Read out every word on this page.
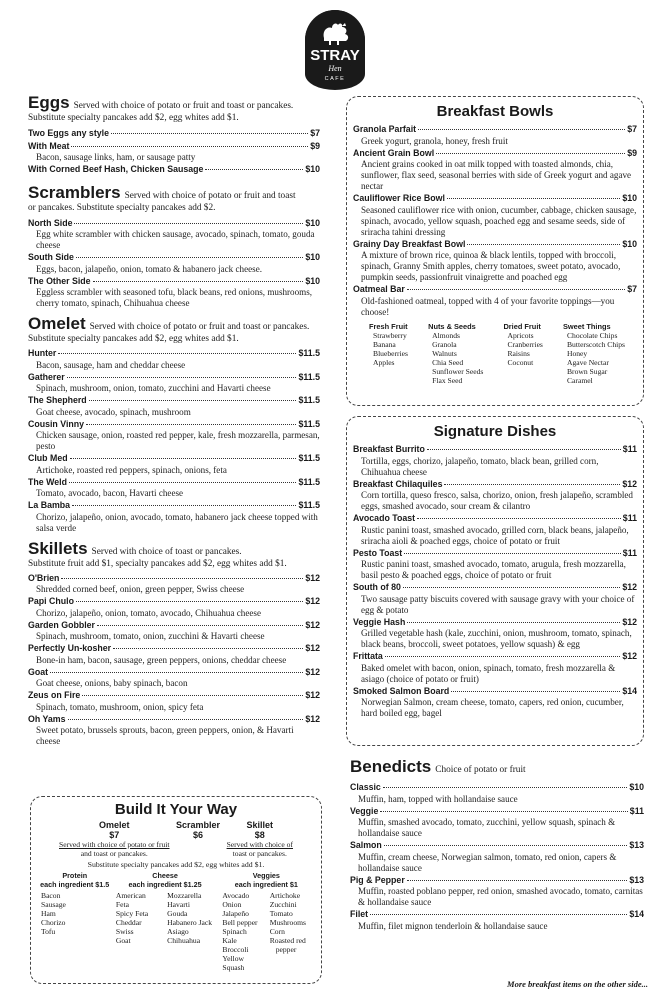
STRAY
Hen
CAFE
Eggs Served with choice of potato or fruit and toast or pancakes.
Substitute specialty pancakes add $2, egg whites add $1.
Two Eggs any style	$7
With Meat	$9
Bacon, sausage links, ham, or sausage patty
With Corned Beef Hash, Chicken Sausage	$10
Scramblers Served with choice of potato or fruit and toast
or pancakes. Substitute specialty pancakes add $2.
North Side	$10
Egg white scrambler with chicken sausage, avocado, spinach, tomato, gouda cheese
South Side	$10
Eggs, bacon, jalapeño, onion, tomato & habanero jack cheese.
The Other Side	$10
Eggless scrambler with seasoned tofu, black beans, red onions, mushrooms, cherry tomato, spinach, Chihuahua cheese
Omelet Served with choice of potato or fruit and toast or pancakes.
Substitute specialty pancakes add $2, egg whites add $1.
Hunter	$11.5
Bacon, sausage, ham and cheddar cheese
Gatherer	$11.5
Spinach, mushroom, onion, tomato, zucchini and Havarti cheese
The Shepherd	$11.5
Goat cheese, avocado, spinach, mushroom
Cousin Vinny	$11.5
Chicken sausage, onion, roasted red pepper, kale, fresh mozzarella, parmesan, pesto
Club Med	$11.5
Artichoke, roasted red peppers, spinach, onions, feta
The Weld	$11.5
Tomato, avocado, bacon, Havarti cheese
La Bamba	$11.5
Chorizo, jalapeño, onion, avocado, tomato, habanero jack cheese topped with salsa verde
Skillets Served with choice of toast or pancakes.
Substitute fruit add $1, specialty pancakes add $2, egg whites add $1.
O'Brien	$12
Shredded corned beef, onion, green pepper, Swiss cheese
Papi Chulo	$12
Chorizo, jalapeño, onion, tomato, avocado, Chihuahua cheese
Garden Gobbler	$12
Spinach, mushroom, tomato, onion, zucchini & Havarti cheese
Perfectly Un-kosher	$12
Bone-in ham, bacon, sausage, green peppers, onions, cheddar cheese
Goat	$12
Goat cheese, onions, baby spinach, bacon
Zeus on Fire	$12
Spinach, tomato, mushroom, onion, spicy feta
Oh Yams	$12
Sweet potato, brussels sprouts, bacon, green peppers, onion, & Havarti cheese
Build It Your Way
Omelet
$7
Served with choice of potato or fruit
and toast or pancakes.
Scrambler
$6
Skillet
$8
Served with choice of
toast or pancakes.
Substitute specialty pancakes add $2, egg whites add $1.
Protein
each ingredient $1.5
Cheese
each ingredient $1.25
Veggies
each ingredient $1
Bacon
Sausage
Ham
Chorizo
Tofu
American
Feta
Spicy Feta
Cheddar
Swiss
Goat
Mozzarella
Havarti
Gouda
Habanero Jack
Asiago
Chihuahua
Avocado
Onion
Jalapeño
Bell pepper
Spinach
Kale
Broccoli
Yellow Squash
Artichoke
Zucchini
Tomato
Mushrooms
Corn
Roasted red
pepper
Breakfast Bowls
Granola Parfait	$7
Greek yogurt, granola, honey, fresh fruit
Ancient Grain Bowl	$9
Ancient grains cooked in oat milk topped with toasted almonds, chia, sunflower, flax seed, seasonal berries with side of Greek yogurt and agave nectar
Cauliflower Rice Bowl	$10
Seasoned cauliflower rice with onion, cucumber, cabbage, chicken sausage, spinach, avocado, yellow squash, poached egg and sesame seeds, side of sriracha tahini dressing
Grainy Day Breakfast Bowl	$10
A mixture of brown rice, quinoa & black lentils, topped with broccoli, spinach, Granny Smith apples, cherry tomatoes, sweet potato, avocado, pumpkin seeds, passionfruit vinaigrette and poached egg
Oatmeal Bar	$7
Old-fashioned oatmeal, topped with 4 of your favorite toppings—you choose!
Fresh Fruit
Strawberry
Banana
Blueberries
Apples
Nuts & Seeds
Almonds
Granola
Walnuts
Chia Seed
Sunflower Seeds
Flax Seed
Dried Fruit
Apricots
Cranberries
Raisins
Coconut
Sweet Things
Chocolate Chips
Butterscotch Chips
Honey
Agave Nectar
Brown Sugar
Caramel
Signature Dishes
Breakfast Burrito	$11
Tortilla, eggs, chorizo, jalapeño, tomato, black bean, grilled corn, Chihuahua cheese
Breakfast Chilaquiles	$12
Corn tortilla, queso fresco, salsa, chorizo, onion, fresh jalapeño, scrambled eggs, smashed avocado, sour cream & cilantro
Avocado Toast	$11
Rustic panini toast, smashed avocado, grilled corn, black beans, jalapeño, sriracha aioli & poached eggs, choice of potato or fruit
Pesto Toast	$11
Rustic panini toast, smashed avocado, tomato, arugula, fresh mozzarella, basil pesto & poached eggs, choice of potato or fruit
South of 80	$12
Two sausage patty biscuits covered with sausage gravy with your choice of egg & potato
Veggie Hash	$12
Grilled vegetable hash (kale, zucchini, onion, mushroom, tomato, spinach, black beans, broccoli, sweet potatoes, yellow squash) & egg
Frittata	$12
Baked omelet with bacon, onion, spinach, tomato, fresh mozzarella & asiago (choice of potato or fruit)
Smoked Salmon Board	$14
Norwegian Salmon, cream cheese, tomato, capers, red onion, cucumber, hard boiled egg, bagel
Benedicts Choice of potato or fruit
Classic	$10
Muffin, ham, topped with hollandaise sauce
Veggie	$11
Muffin, smashed avocado, tomato, zucchini, yellow squash, spinach & hollandaise sauce
Salmon	$13
Muffin, cream cheese, Norwegian salmon, tomato, red onion, capers & hollandaise sauce
Pig & Pepper	$13
Muffin, roasted poblano pepper, red onion, smashed avocado, tomato, carnitas & hollandaise sauce
Filet	$14
Muffin, filet mignon tenderloin & hollandaise sauce
More breakfast items on the other side...
